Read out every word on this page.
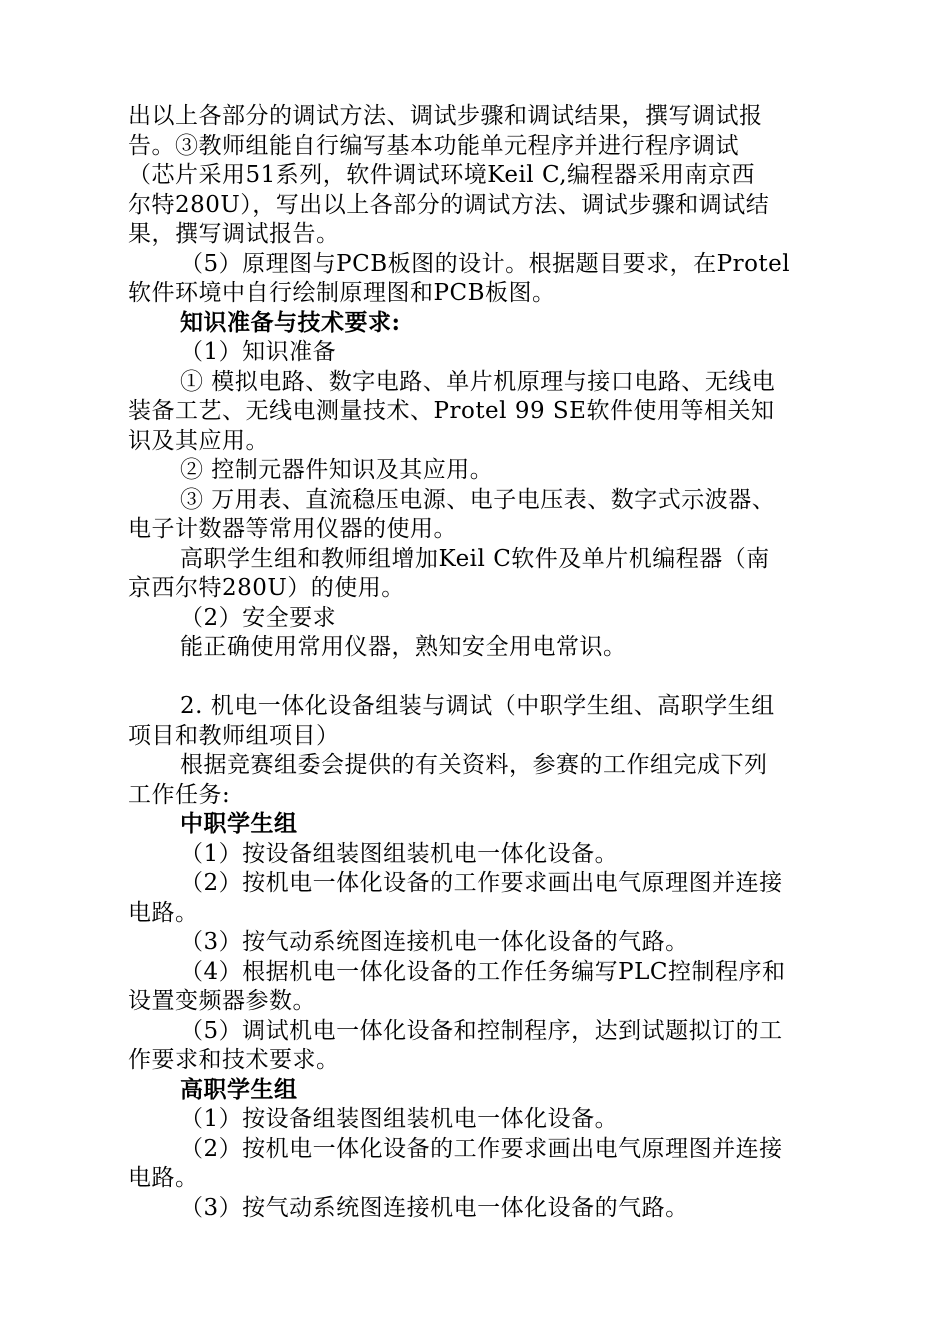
出以上各部分的调试方法、调试步骤和调试结果，撰写调试报
告。③教师组能自行编写基本功能单元程序并进行程序调试
（芯片采用51系列，软件调试环境Keil C,编程器采用南京西
尔特280U），写出以上各部分的调试方法、调试步骤和调试结
果，撰写调试报告。
（5）原理图与PCB板图的设计。根据题目要求，在Protel
软件环境中自行绘制原理图和PCB板图。
知识准备与技术要求:
（1）知识准备
① 模拟电路、数字电路、单片机原理与接口电路、无线电
装备工艺、无线电测量技术、Protel 99 SE软件使用等相关知
识及其应用。
② 控制元器件知识及其应用。
③ 万用表、直流稳压电源、电子电压表、数字式示波器、
电子计数器等常用仪器的使用。
高职学生组和教师组增加Keil C软件及单片机编程器（南
京西尔特280U）的使用。
（2）安全要求
能正确使用常用仪器，熟知安全用电常识。
2. 机电一体化设备组装与调试（中职学生组、高职学生组
项目和教师组项目）
根据竞赛组委会提供的有关资料，参赛的工作组完成下列
工作任务:
中职学生组
（1）按设备组装图组装机电一体化设备。
（2）按机电一体化设备的工作要求画出电气原理图并连接
电路。
（3）按气动系统图连接机电一体化设备的气路。
（4）根据机电一体化设备的工作任务编写PLC控制程序和
设置变频器参数。
（5）调试机电一体化设备和控制程序，达到试题拟订的工
作要求和技术要求。
高职学生组
（1）按设备组装图组装机电一体化设备。
（2）按机电一体化设备的工作要求画出电气原理图并连接
电路。
（3）按气动系统图连接机电一体化设备的气路。
